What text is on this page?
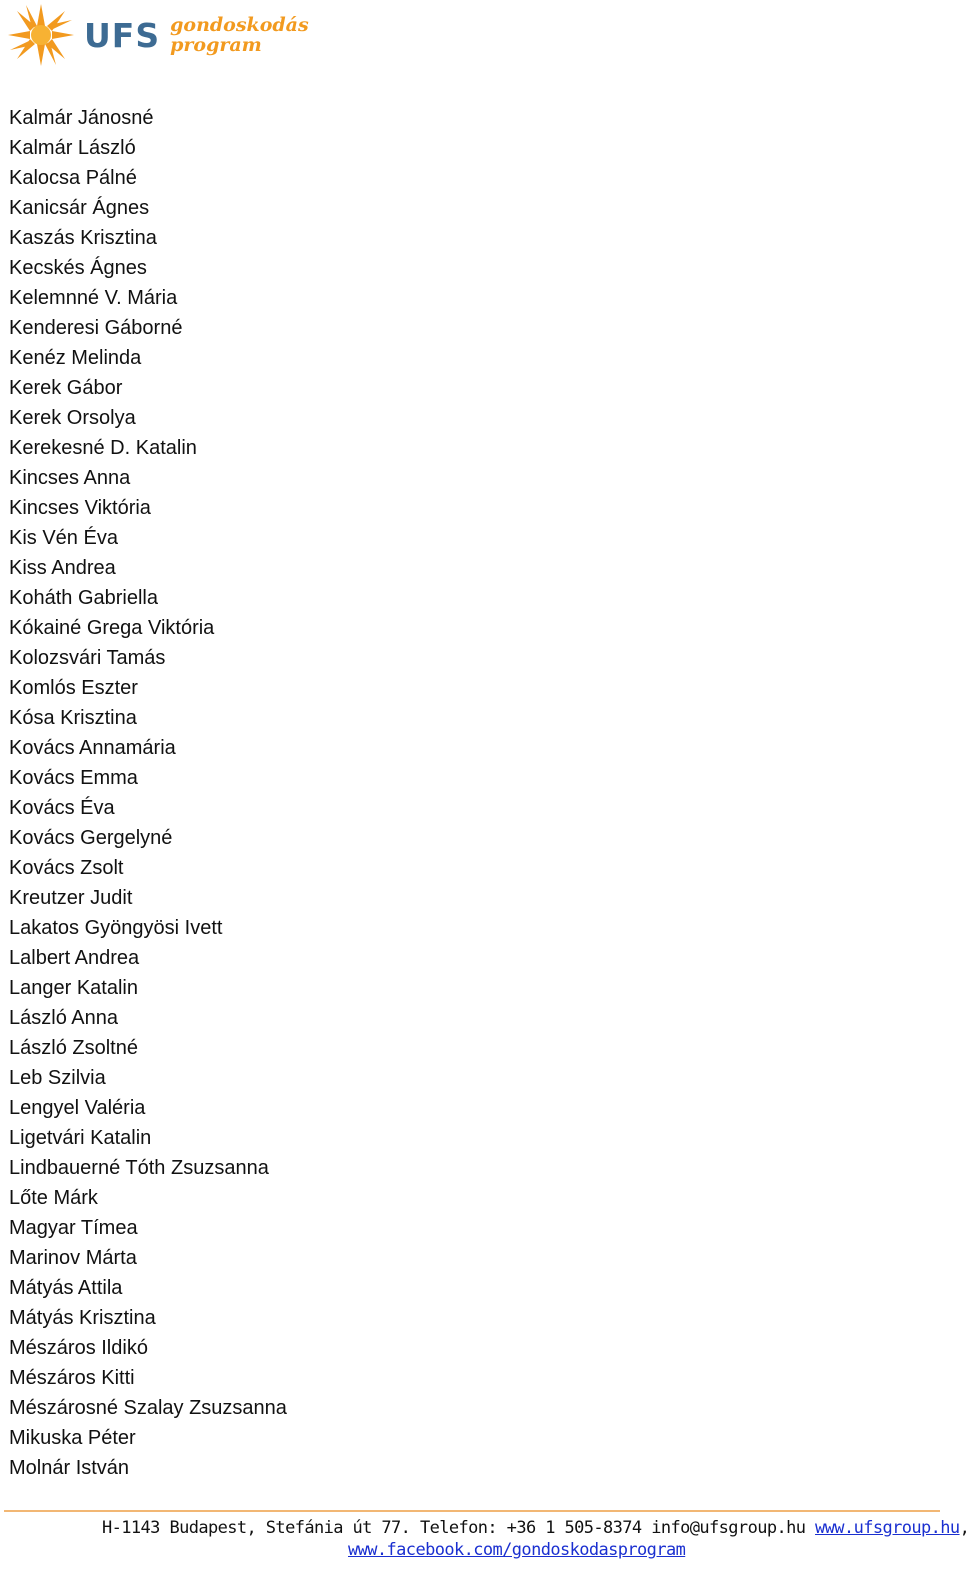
UFS gondoskodás
program
Kalmár Jánosné
Kalmár László
Kalocsa Pálné
Kanicsár Ágnes
Kaszás Krisztina
Kecskés Ágnes
Kelemnné V. Mária
Kenderesi Gáborné
Kenéz Melinda
Kerek Gábor
Kerek Orsolya
Kerekesné D. Katalin
Kincses Anna
Kincses Viktória
Kis Vén Éva
Kiss Andrea
Koháth Gabriella
Kókainé Grega Viktória
Kolozsvári Tamás
Komlós Eszter
Kósa Krisztina
Kovács Annamária
Kovács Emma
Kovács Éva
Kovács Gergelyné
Kovács Zsolt
Kreutzer Judit
Lakatos Gyöngyösi Ivett
Lalbert Andrea
Langer Katalin
László Anna
László Zsoltné
Leb Szilvia
Lengyel Valéria
Ligetvári Katalin
Lindbauerné Tóth Zsuzsanna
Lőte Márk
Magyar Tímea
Marinov Márta
Mátyás Attila
Mátyás Krisztina
Mészáros Ildikó
Mészáros Kitti
Mészárosné Szalay Zsuzsanna
Mikuska Péter
Molnár István
H-1143 Budapest, Stefánia út 77. Telefon: +36 1 505-8374 info@ufsgroup.hu www.ufsgroup.hu,
www.facebook.com/gondoskodasprogram
